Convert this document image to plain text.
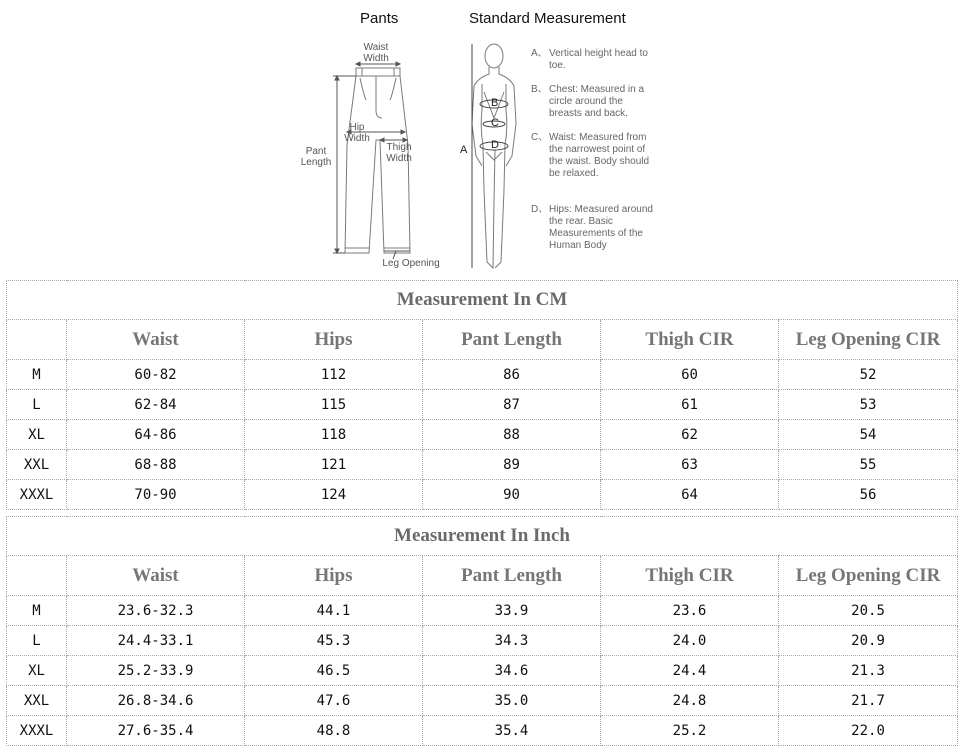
Pants	Standard Measurement
B
C
D
A
Waist
Width
Hip
Width
Thigh
Width
Pant
Length
Leg Opening
A、 Vertical height head to toe.
B、 Chest: Measured in a circle around the breasts and back.
C、 Waist: Measured from the narrowest point of the waist. Body should be relaxed.
D、 Hips: Measured around the rear. Basic Measurements of the Human Body
Measurement In CM					
	Waist	Hips	Pant Length	Thigh CIR	Leg Opening CIR
M	60-82	112	86	60	52
L	62-84	115	87	61	53
XL	64-86	118	88	62	54
XXL	68-88	121	89	63	55
XXXL	70-90	124	90	64	56
Measurement In Inch					
	Waist	Hips	Pant Length	Thigh CIR	Leg Opening CIR
M	23.6-32.3	44.1	33.9	23.6	20.5
L	24.4-33.1	45.3	34.3	24.0	20.9
XL	25.2-33.9	46.5	34.6	24.4	21.3
XXL	26.8-34.6	47.6	35.0	24.8	21.7
XXXL	27.6-35.4	48.8	35.4	25.2	22.0
